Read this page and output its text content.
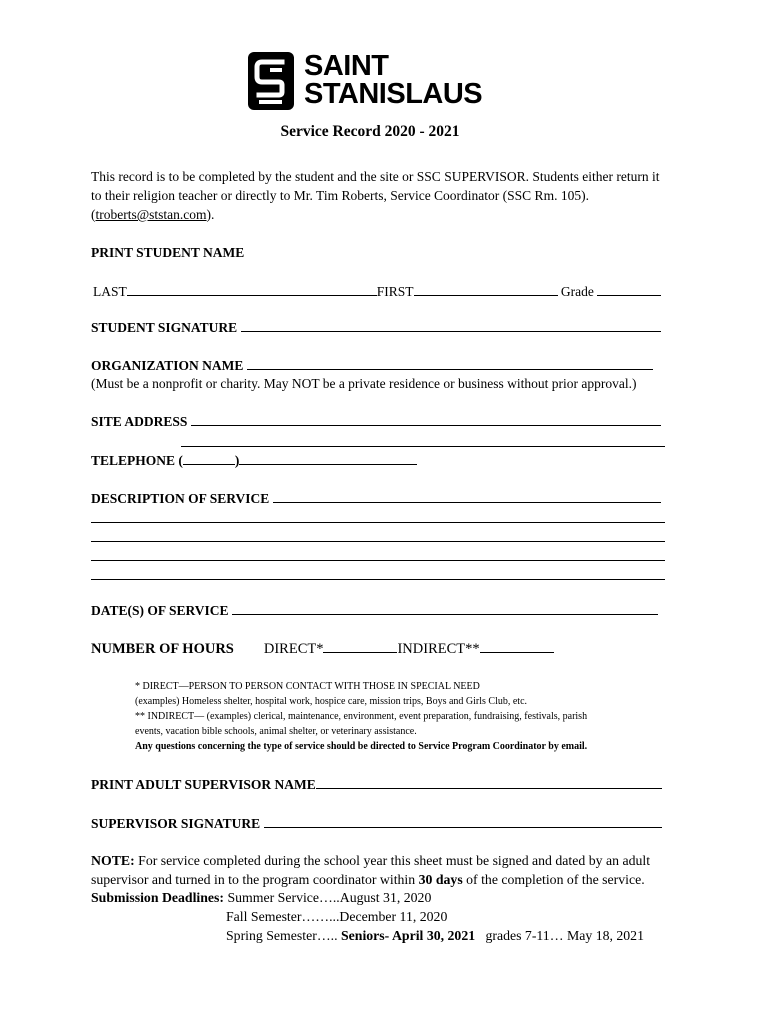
SAINT
STANISLAUS
Service Record 2020 - 2021
This record is to be completed by the student and the site or SSC SUPERVISOR. Students either return it
to their religion teacher or directly to Mr. Tim Roberts, Service Coordinator (SSC Rm. 105).
(troberts@ststan.com).
PRINT STUDENT NAME
LAST	FIRST	Grade
STUDENT SIGNATURE
ORGANIZATION NAME
(Must be a nonprofit or charity. May NOT be a private residence or business without prior approval.)
SITE ADDRESS
TELEPHONE (	)
DESCRIPTION OF SERVICE
DATE(S) OF SERVICE
NUMBER OF HOURS DIRECT*	INDIRECT**
* DIRECT—PERSON TO PERSON CONTACT WITH THOSE IN SPECIAL NEED
(examples) Homeless shelter, hospital work, hospice care, mission trips, Boys and Girls Club, etc.
** INDIRECT— (examples) clerical, maintenance, environment, event preparation, fundraising, festivals, parish
events, vacation bible schools, animal shelter, or veterinary assistance.
Any questions concerning the type of service should be directed to Service Program Coordinator by email.
PRINT ADULT SUPERVISOR NAME
SUPERVISOR SIGNATURE
NOTE: For service completed during the school year this sheet must be signed and dated by an adult
supervisor and turned in to the program coordinator within 30 days of the completion of the service.
Submission Deadlines: Summer Service…..August 31, 2020
Fall Semester……...December 11, 2020
Spring Semester….. Seniors- April 30, 2021   grades 7-11… May 18, 2021
